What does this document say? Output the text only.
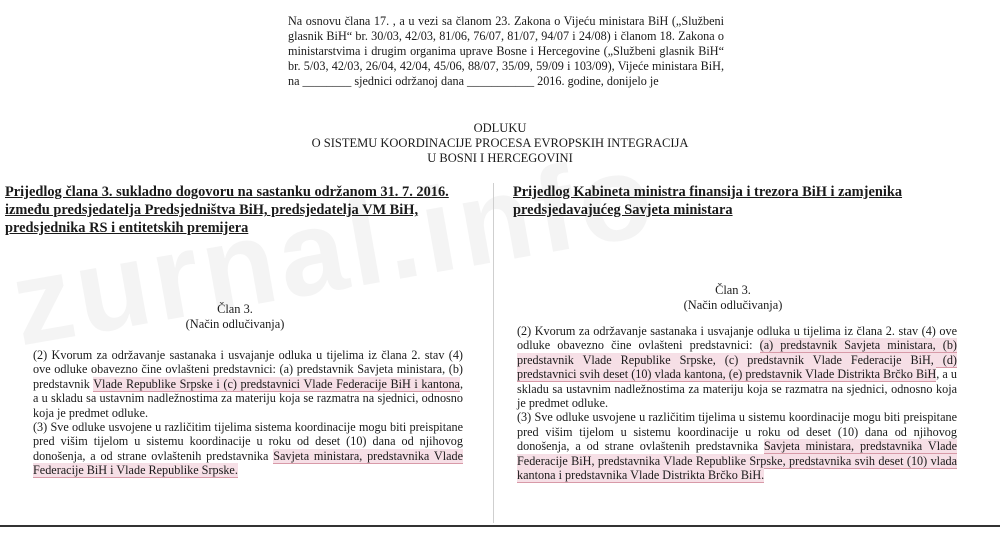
Na osnovu člana 17. , a u vezi sa članom 23. Zakona o Vijeću ministara BiH („Službeni glasnik BiH“ br. 30/03, 42/03, 81/06, 76/07, 81/07, 94/07 i 24/08) i članom 18. Zakona o ministarstvima i drugim organima uprave Bosne i Hercegovine („Službeni glasnik BiH“ br. 5/03, 42/03, 26/04, 42/04, 45/06, 88/07, 35/09, 59/09 i 103/09), Vijeće ministara BiH, na ________ sjednici održanoj dana ___________ 2016. godine, donijelo je

ODLUKU
O SISTEMU KOORDINACIJE PROCESA EVROPSKIH INTEGRACIJA
U BOSNI I HERCEGOVINI
Prijedlog člana 3. sukladno dogovoru na sastanku održanom 31. 7. 2016. između predsjedatelja Predsjedništva BiH, predsjedatelja VM BiH, predsjednika RS i entitetskih premijera
Prijedlog Kabineta ministra finansija i trezora BiH i zamjenika predsjedavajućeg Savjeta ministara
Član 3.
(Način odlučivanja)
Član 3.
(Način odlučivanja)

(2) Kvorum za održavanje sastanaka i usvajanje odluka u tijelima iz člana 2. stav (4) ove odluke obavezno čine ovlašteni predstavnici: (a) predstavnik Savjeta ministara, (b) predstavnik Vlade Republike Srpske i (c) predstavnici Vlade Federacije BiH i kantona, a u skladu sa ustavnim nadležnostima za materiju koja se razmatra na sjednici, odnosno koja je predmet odluke.

(3) Sve odluke usvojene u različitim tijelima sistema koordinacije mogu biti preispitane pred višim tijelom u sistemu koordinacije u roku od deset (10) dana od njihovog donošenja, a od strane ovlaštenih predstavnika Savjeta ministara, predstavnika Vlade Federacije BiH i Vlade Republike Srpske.

(2) Kvorum za održavanje sastanaka i usvajanje odluka u tijelima iz člana 2. stav (4) ove odluke obavezno čine ovlašteni predstavnici: (a) predstavnik Savjeta ministara, (b) predstavnik Vlade Republike Srpske, (c) predstavnik Vlade Federacije BiH, (d) predstavnici svih deset (10) vlada kantona, (e) predstavnik Vlade Distrikta Brčko BiH, a u skladu sa ustavnim nadležnostima za materiju koja se razmatra na sjednici, odnosno koja je predmet odluke.

(3) Sve odluke usvojene u različitim tijelima u sistemu koordinacije mogu biti preispitane pred višim tijelom u sistemu koordinacije u roku od deset (10) dana od njihovog donošenja, a od strane ovlaštenih predstavnika Savjeta ministara, predstavnika Vlade Federacije BiH, predstavnika Vlade Republike Srpske, predstavnika svih deset (10) vlada kantona i predstavnika Vlade Distrikta Brčko BiH.
